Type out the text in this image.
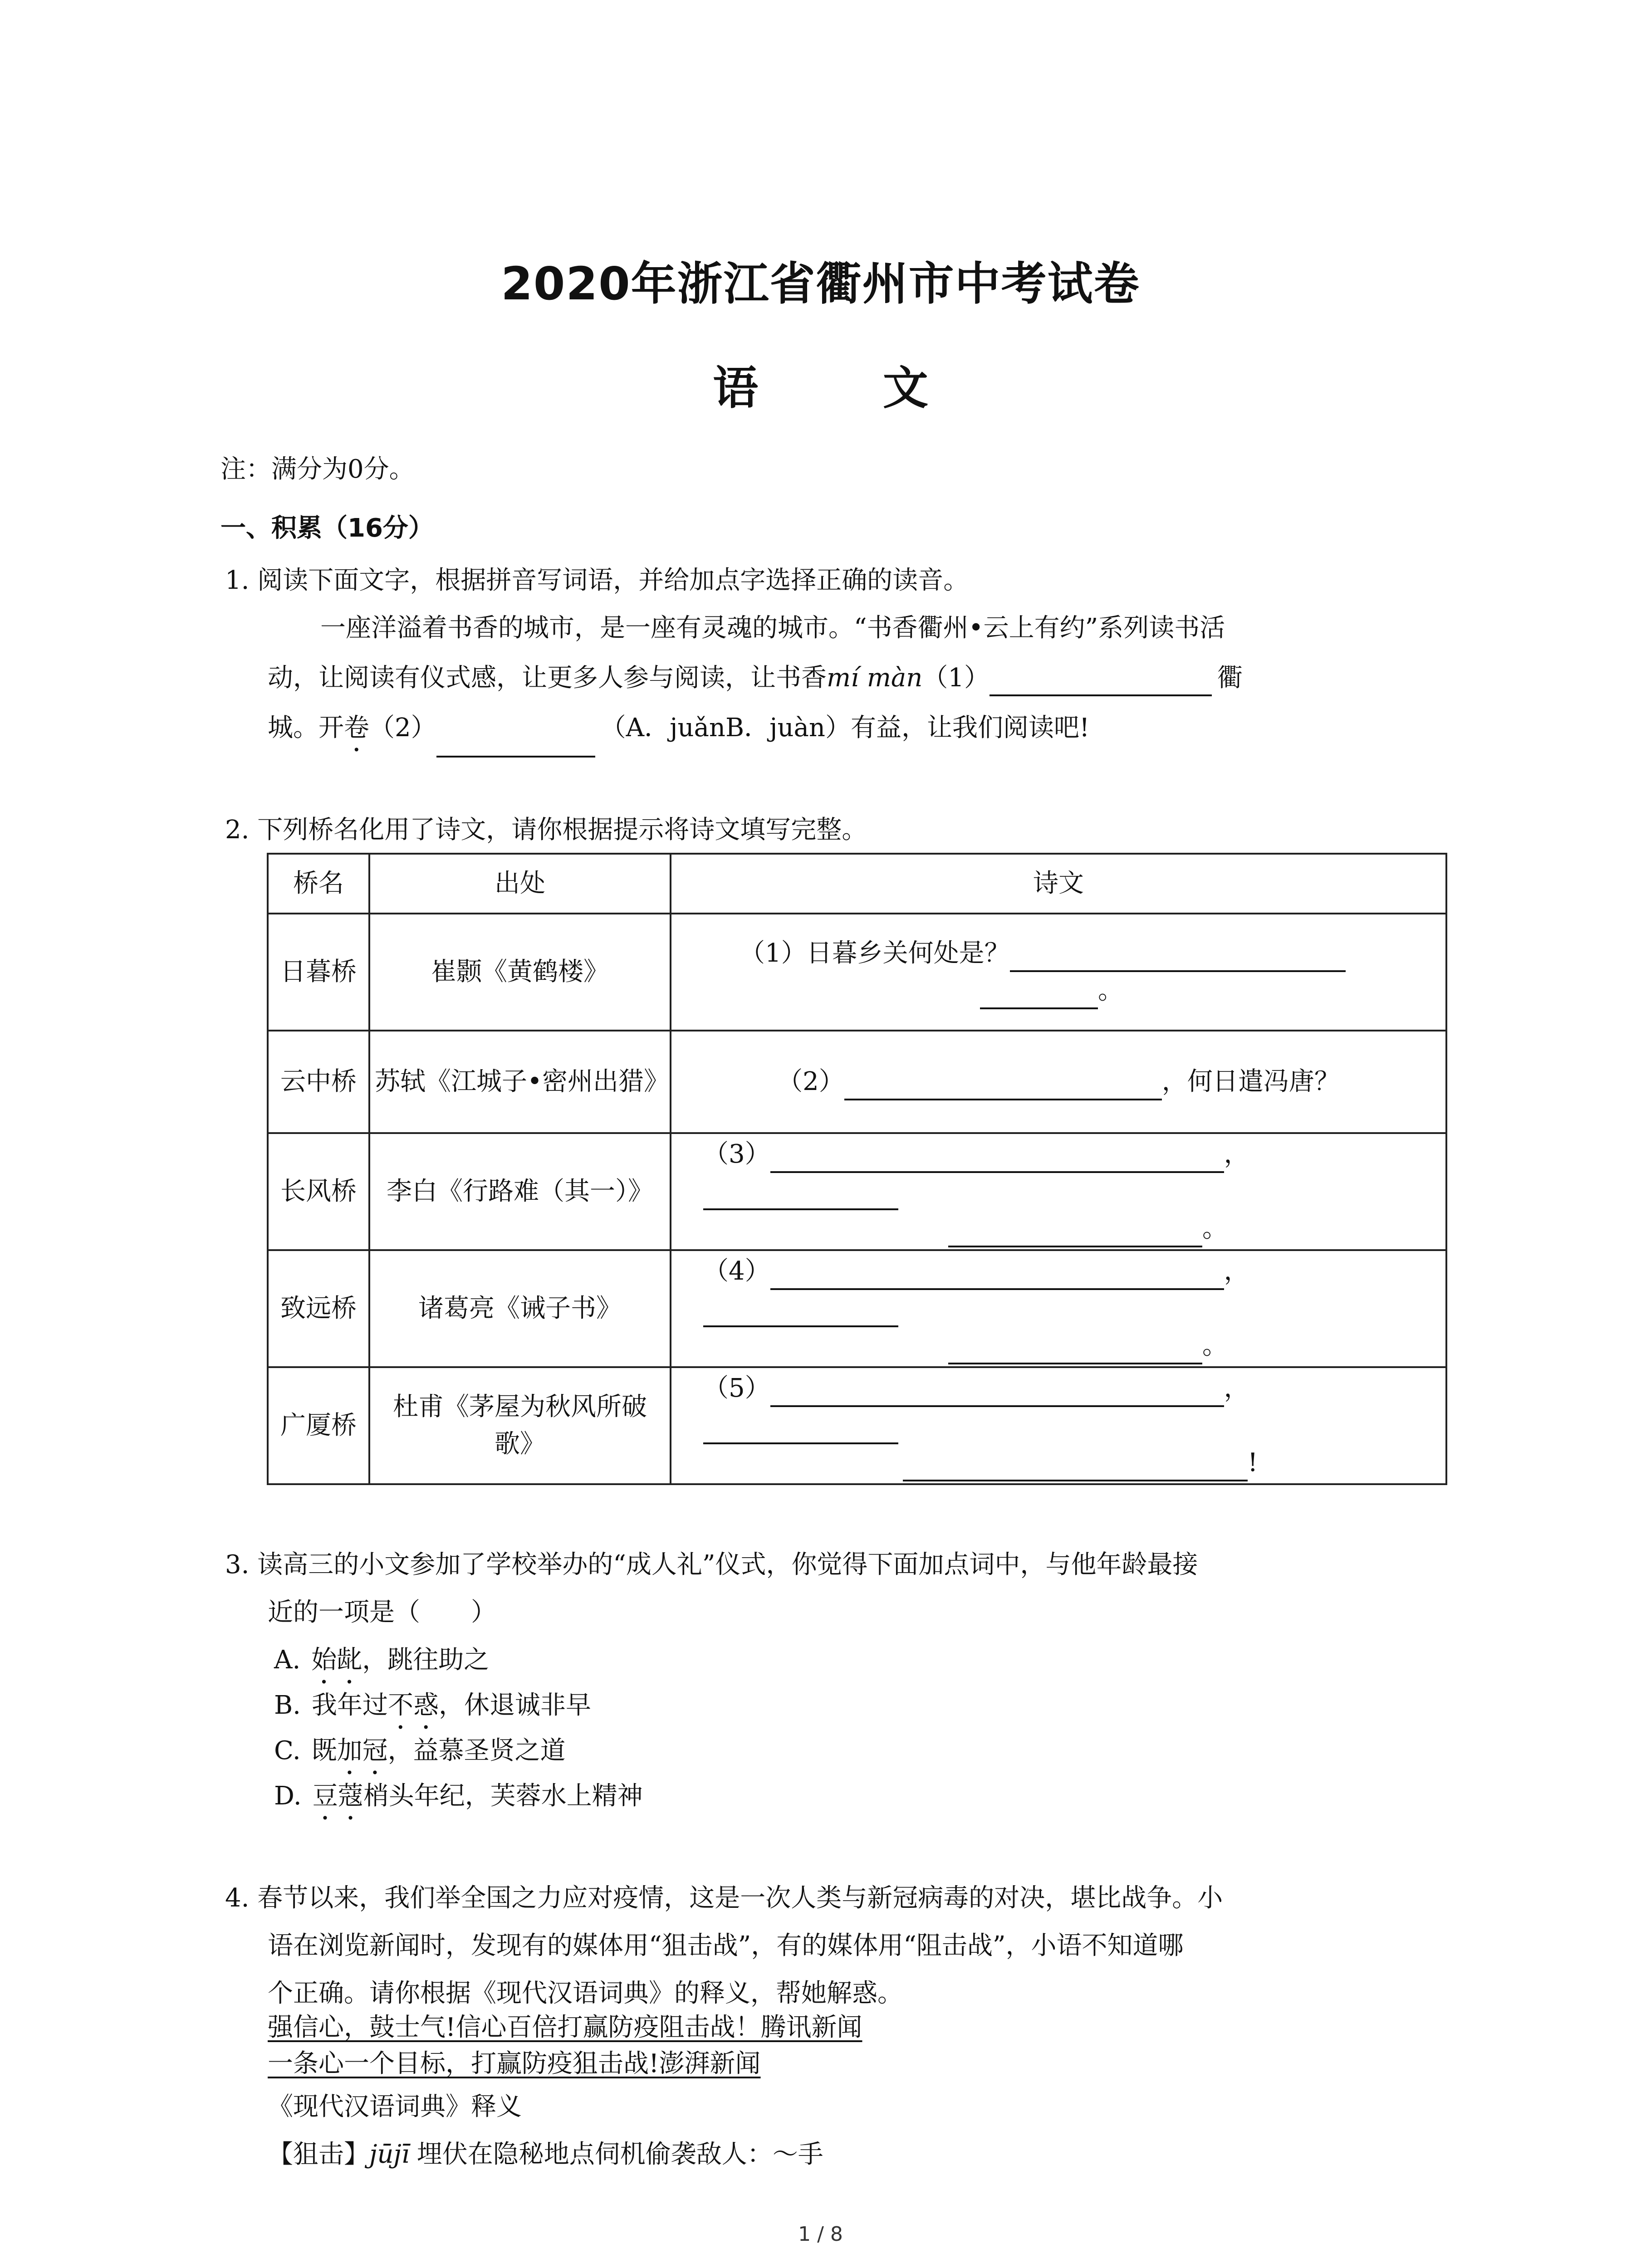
2020年浙江省衢州市中考试卷
语 文
注：满分为0分。
一、积累（16分）
1. 阅读下面文字，根据拼音写词语，并给加点字选择正确的读音。
一座洋溢着书香的城市，是一座有灵魂的城市。“书香衢州•云上有约”系列读书活
动，让阅读有仪式感，让更多人参与阅读，让书香mí màn（1）	衢
城。开卷（2）	（A．juǎnB．juàn）有益，让我们阅读吧!
2. 下列桥名化用了诗文，请你根据提示将诗文填写完整。
桥名	出处	诗文
日暮桥	崔颢《黄鹤楼》	（1）日暮乡关何处是？
。
云中桥	苏轼《江城子•密州出猎》	（2） ，何日遣冯唐？
长风桥	李白《行路难（其一）》	（3） ，
。
致远桥	诸葛亮《诫子书》	（4） ，
。
广厦桥	杜甫《茅屋为秋风所破歌》	（5） ，
!
3. 读高三的小文参加了学校举办的“成人礼”仪式，你觉得下面加点词中，与他年龄最接
近的一项是（　　）
A. 始龀，跳往助之
B. 我年过不惑，休退诚非早
C. 既加冠，益慕圣贤之道
D. 豆蔻梢头年纪，芙蓉水上精神
4. 春节以来，我们举全国之力应对疫情，这是一次人类与新冠病毒的对决，堪比战争。小
语在浏览新闻时，发现有的媒体用“狙击战”，有的媒体用“阻击战”，小语不知道哪
个正确。请你根据《现代汉语词典》的释义，帮她解惑。
强信心，鼓士气!信心百倍打赢防疫阻击战！腾讯新闻
一条心一个目标，打赢防疫狙击战!澎湃新闻
《现代汉语词典》释义
【狙击】jūjī 埋伏在隐秘地点伺机偷袭敌人：～手
1 / 8
